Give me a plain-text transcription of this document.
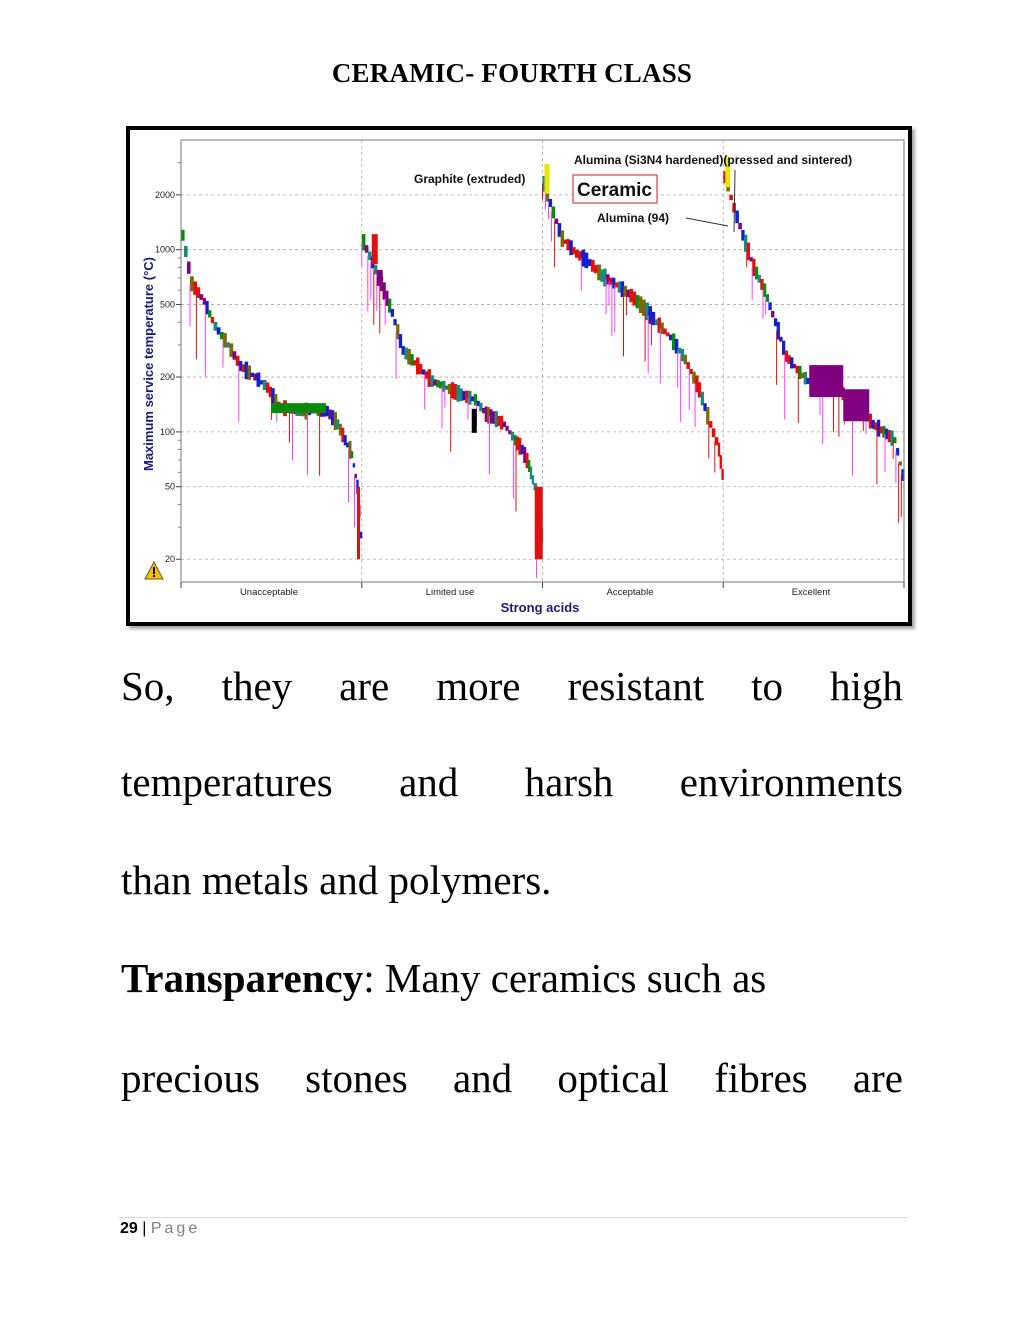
CERAMIC- FOURTH CLASS
20
50
100
200
500
1000
2000
Maximum service temperature (°C)
Strong acids
Unacceptable	Limited use	Acceptable	Excellent
Graphite (extruded)
Alumina (Si3N4 hardened)(pressed and sintered)
Ceramic
Alumina (94)
So, they are more resistant to high
temperatures and harsh environments
than metals and polymers.
Transparency: Many ceramics such as
precious stones and optical fibres are
29 | Page
